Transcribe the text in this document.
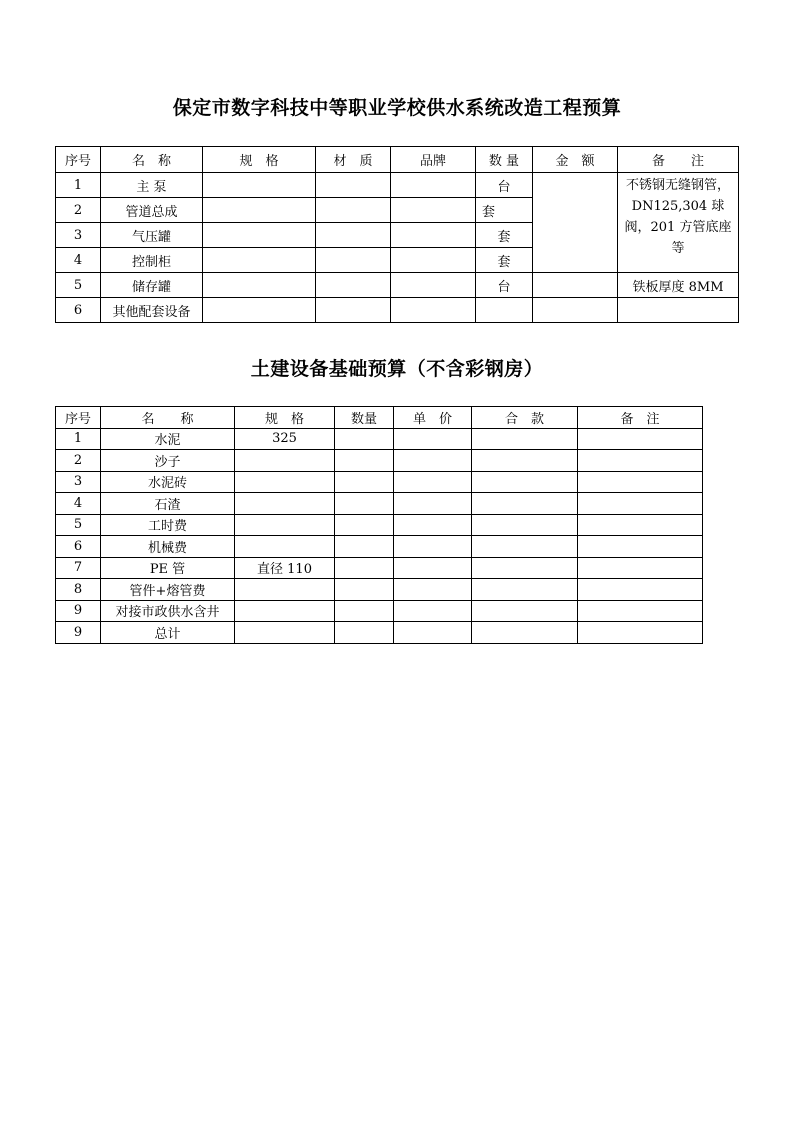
保定市数字科技中等职业学校供水系统改造工程预算
序号	名　称	规　格	材　质	品牌	数 量	金　额	备　　注
1	主 泵				台		不锈钢无缝钢管，DN125,304 球阀，201 方管底座等
2	管道总成				套		
3	气压罐				套		
4	控制柜				套		
5	储存罐				台		铁板厚度 8MM
6	其他配套设备						
土建设备基础预算（不含彩钢房）
序号	名　　称	规　格	数量	单　价	合　款	备　注
1	水泥	325				
2	沙子					
3	水泥砖					
4	石渣					
5	工时费					
6	机械费					
7	PE 管	直径 110				
8	管件+熔管费					
9	对接市政供水含井					
9	总计					
